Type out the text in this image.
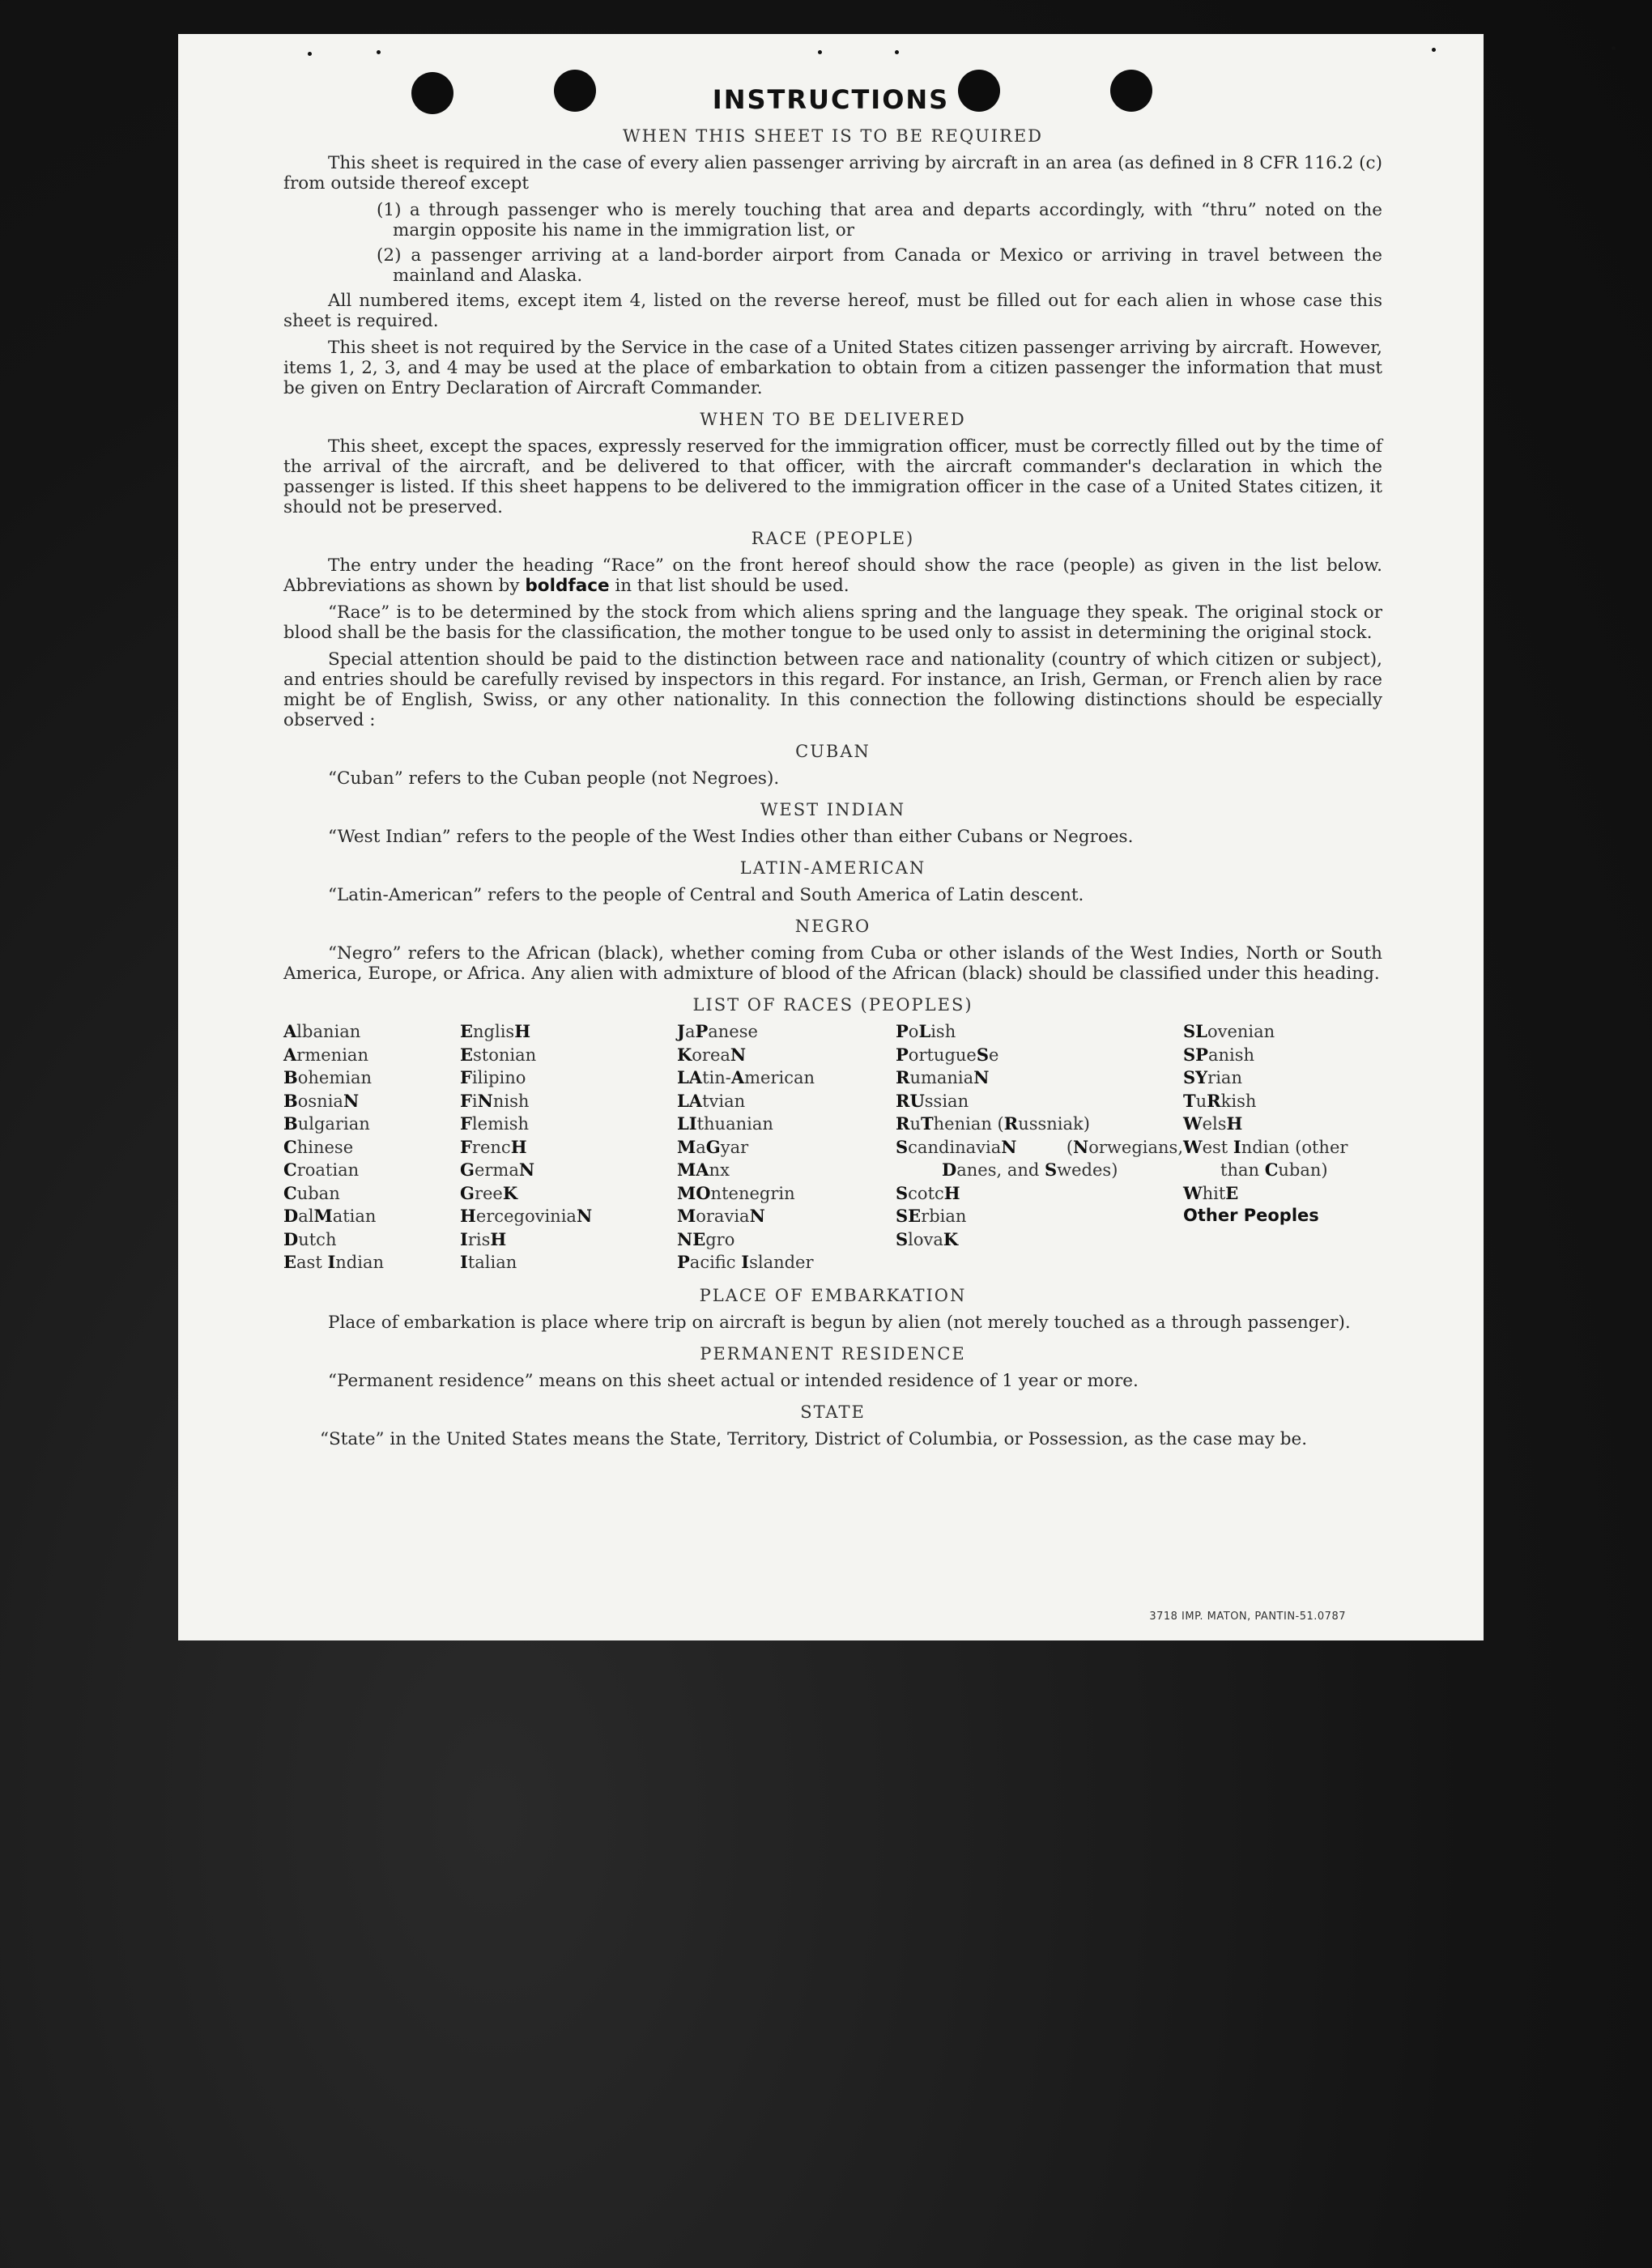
INSTRUCTIONS
WHEN THIS SHEET IS TO BE REQUIRED
This sheet is required in the case of every alien passenger arriving by aircraft in an area (as defined in 8 CFR 116.2 (c) from outside thereof except
(1) a through passenger who is merely touching that area and departs accordingly, with “thru” noted on the margin opposite his name in the immigration list, or
(2) a passenger arriving at a land-border airport from Canada or Mexico or arriving in travel between the mainland and Alaska.
All numbered items, except item 4, listed on the reverse hereof, must be filled out for each alien in whose case this sheet is required.
This sheet is not required by the Service in the case of a United States citizen passenger arriving by aircraft. However, items 1, 2, 3, and 4 may be used at the place of embarkation to obtain from a citizen passenger the information that must be given on Entry Declaration of Aircraft Commander.
WHEN TO BE DELIVERED
This sheet, except the spaces, expressly reserved for the immigration officer, must be correctly filled out by the time of the arrival of the aircraft, and be delivered to that officer, with the aircraft commander's declaration in which the passenger is listed. If this sheet happens to be delivered to the immigration officer in the case of a United States citizen, it should not be preserved.
RACE (PEOPLE)
The entry under the heading “Race” on the front hereof should show the race (people) as given in the list below. Abbreviations as shown by boldface in that list should be used.
“Race” is to be determined by the stock from which aliens spring and the language they speak. The original stock or blood shall be the basis for the classification, the mother tongue to be used only to assist in determining the original stock.
Special attention should be paid to the distinction between race and nationality (country of which citizen or subject), and entries should be carefully revised by inspectors in this regard. For instance, an Irish, German, or French alien by race might be of English, Swiss, or any other nationality. In this connection the following distinctions should be especially observed :
CUBAN
“Cuban” refers to the Cuban people (not Negroes).
WEST INDIAN
“West Indian” refers to the people of the West Indies other than either Cubans or Negroes.
LATIN-AMERICAN
“Latin-American” refers to the people of Central and South America of Latin descent.
NEGRO
“Negro” refers to the African (black), whether coming from Cuba or other islands of the West Indies, North or South America, Europe, or Africa. Any alien with admixture of blood of the African (black) should be classified under this heading.
LIST OF RACES (PEOPLES)
Albanian
Armenian
Bohemian
BosniaN
Bulgarian
Chinese
Croatian
Cuban
DalMatian
Dutch
East Indian
EnglisH
Estonian
Filipino
FiNnish
Flemish
FrencH
GermaN
GreeK
HercegoviniaN
IrisH
Italian
JaPanese
KoreaN
LAtin-American
LAtvian
LIthuanian
MaGyar
MAnx
MOntenegrin
MoraviaN
NEgro
Pacific Islander
PoLish
PortugueSe
RumaniaN
RUssian
RuThenian (Russniak)
ScandinaviaN (Norwegians, Danes, and Swedes)
ScotcH
SErbian
SlovaK
SLovenian
SPanish
SYrian
TuRkish
WelsH
West Indian (other than Cuban)
WhitE
Other Peoples
PLACE OF EMBARKATION
Place of embarkation is place where trip on aircraft is begun by alien (not merely touched as a through passenger).
PERMANENT RESIDENCE
“Permanent residence” means on this sheet actual or intended residence of 1 year or more.
STATE
“State” in the United States means the State, Territory, District of Columbia, or Possession, as the case may be.
3718 IMP. MATON, PANTIN-51.0787
